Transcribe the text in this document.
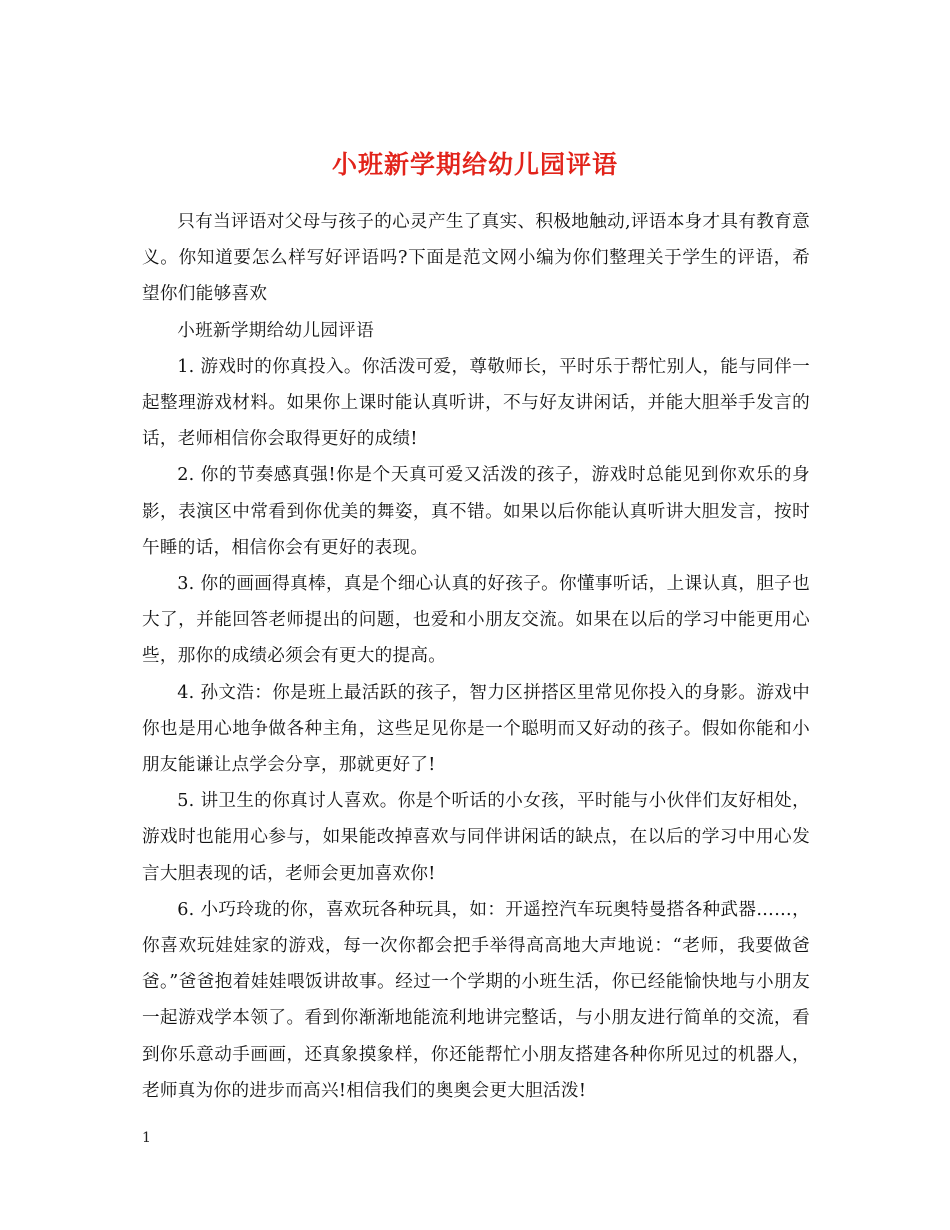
小班新学期给幼儿园评语

只有当评语对父母与孩子的心灵产生了真实、积极地触动,评语本身才具有教育意义。你知道要怎么样写好评语吗?下面是范文网小编为你们整理关于学生的评语，希望你们能够喜欢

小班新学期给幼儿园评语

1. 游戏时的你真投入。你活泼可爱，尊敬师长，平时乐于帮忙别人，能与同伴一起整理游戏材料。如果你上课时能认真听讲，不与好友讲闲话，并能大胆举手发言的话，老师相信你会取得更好的成绩!

2. 你的节奏感真强!你是个天真可爱又活泼的孩子，游戏时总能见到你欢乐的身影，表演区中常看到你优美的舞姿，真不错。如果以后你能认真听讲大胆发言，按时午睡的话，相信你会有更好的表现。

3. 你的画画得真棒，真是个细心认真的好孩子。你懂事听话，上课认真，胆子也大了，并能回答老师提出的问题，也爱和小朋友交流。如果在以后的学习中能更用心些，那你的成绩必须会有更大的提高。

4. 孙文浩：你是班上最活跃的孩子，智力区拼搭区里常见你投入的身影。游戏中你也是用心地争做各种主角，这些足见你是一个聪明而又好动的孩子。假如你能和小朋友能谦让点学会分享，那就更好了!

5. 讲卫生的你真讨人喜欢。你是个听话的小女孩，平时能与小伙伴们友好相处，游戏时也能用心参与，如果能改掉喜欢与同伴讲闲话的缺点，在以后的学习中用心发言大胆表现的话，老师会更加喜欢你!

6. 小巧玲珑的你，喜欢玩各种玩具，如：开遥控汽车玩奥特曼搭各种武器……，你喜欢玩娃娃家的游戏，每一次你都会把手举得高高地大声地说：“老师，我要做爸爸。”爸爸抱着娃娃喂饭讲故事。经过一个学期的小班生活，你已经能愉快地与小朋友一起游戏学本领了。看到你渐渐地能流利地讲完整话，与小朋友进行简单的交流，看到你乐意动手画画，还真象摸象样，你还能帮忙小朋友搭建各种你所见过的机器人，老师真为你的进步而高兴!相信我们的奥奥会更大胆活泼!

1
